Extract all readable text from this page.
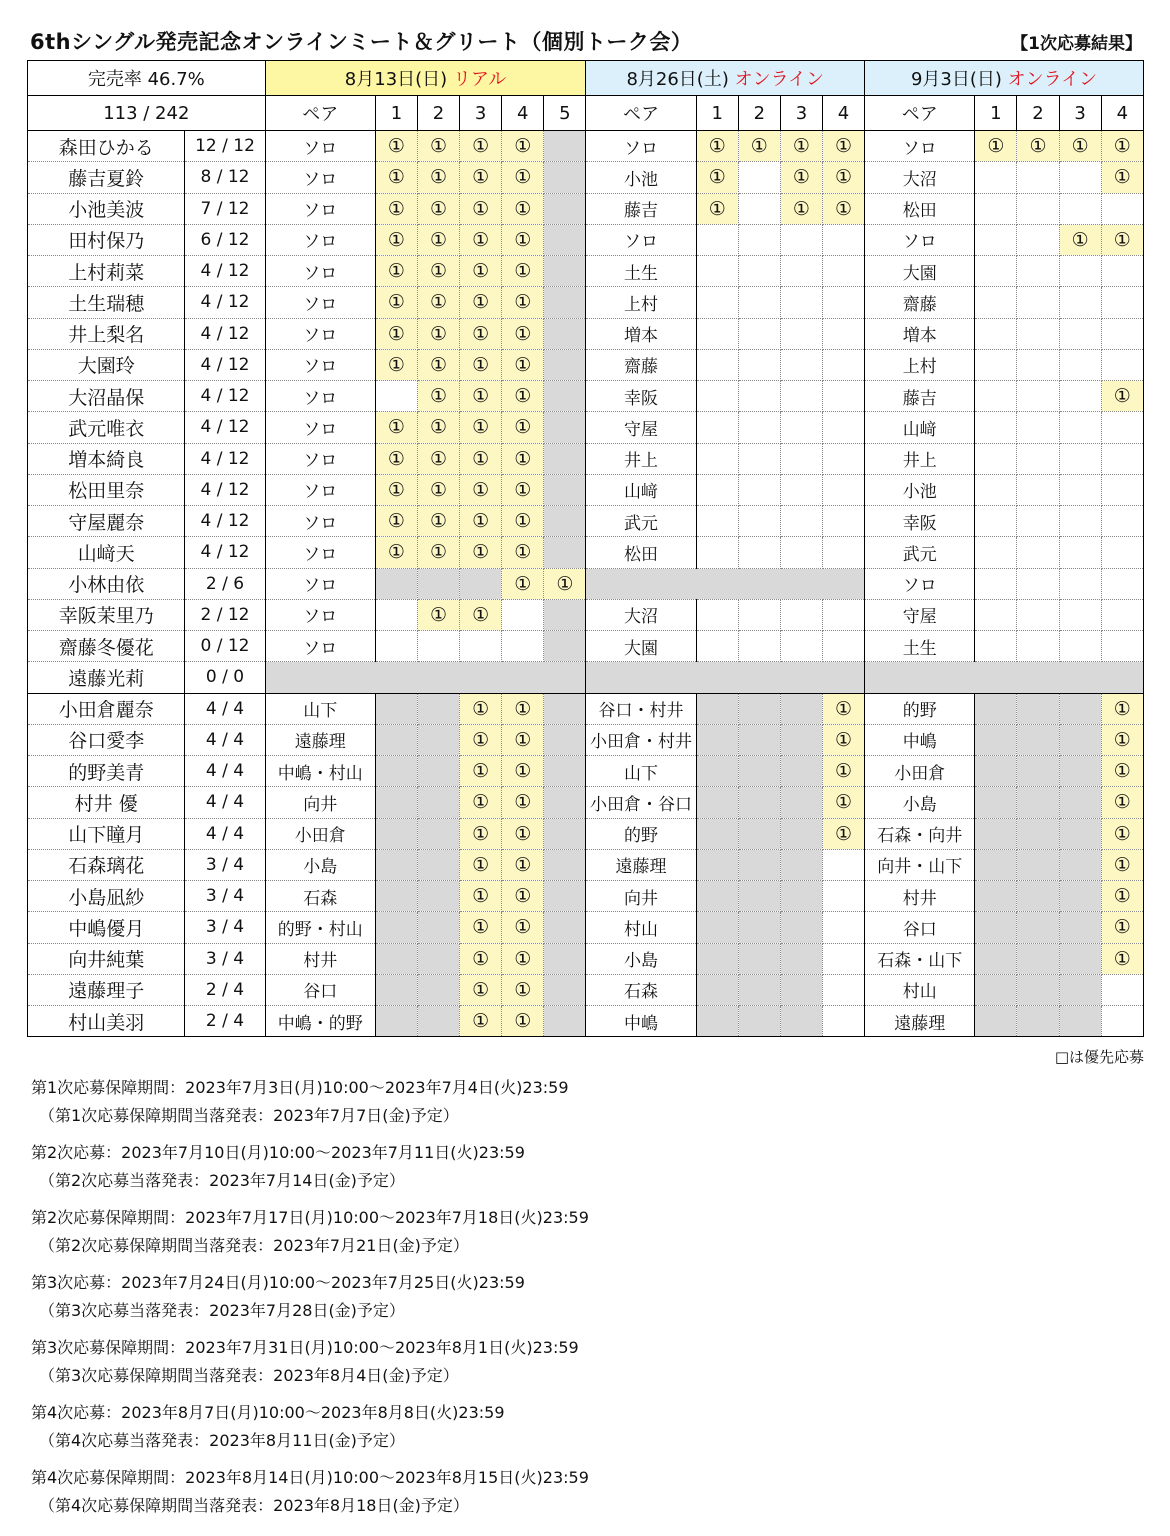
6thシングル発売記念オンラインミート＆グリート（個別トーク会）	【1次応募結果】
完売率 46.7%		8月13日(日) リアル						8月26日(土) オンライン					9月3日(日) オンライン				
113 / 242		ペア	1	2	3	4	5	ペア	1	2	3	4	ペア	1	2	3	4
森田ひかる	12 / 12	ソロ	①	①	①	①		ソロ	①	①	①	①	ソロ	①	①	①	①
藤吉夏鈴	8 / 12	ソロ	①	①	①	①		小池	①		①	①	大沼				①
小池美波	7 / 12	ソロ	①	①	①	①		藤吉	①		①	①	松田				
田村保乃	6 / 12	ソロ	①	①	①	①		ソロ					ソロ			①	①
上村莉菜	4 / 12	ソロ	①	①	①	①		土生					大園				
土生瑞穂	4 / 12	ソロ	①	①	①	①		上村					齋藤				
井上梨名	4 / 12	ソロ	①	①	①	①		増本					増本				
大園玲	4 / 12	ソロ	①	①	①	①		齋藤					上村				
大沼晶保	4 / 12	ソロ		①	①	①		幸阪					藤吉				①
武元唯衣	4 / 12	ソロ	①	①	①	①		守屋					山﨑				
増本綺良	4 / 12	ソロ	①	①	①	①		井上					井上				
松田里奈	4 / 12	ソロ	①	①	①	①		山﨑					小池				
守屋麗奈	4 / 12	ソロ	①	①	①	①		武元					幸阪				
山﨑天	4 / 12	ソロ	①	①	①	①		松田					武元				
小林由依	2 / 6	ソロ				①	①						ソロ				
幸阪茉里乃	2 / 12	ソロ		①	①			大沼					守屋				
齋藤冬優花	0 / 12	ソロ						大園					土生				
遠藤光莉	0 / 0																
小田倉麗奈	4 / 4	山下			①	①		谷口・村井				①	的野				①
谷口愛李	4 / 4	遠藤理			①	①		小田倉・村井				①	中嶋				①
的野美青	4 / 4	中嶋・村山			①	①		山下				①	小田倉				①
村井 優	4 / 4	向井			①	①		小田倉・谷口				①	小島				①
山下瞳月	4 / 4	小田倉			①	①		的野				①	石森・向井				①
石森璃花	3 / 4	小島			①	①		遠藤理					向井・山下				①
小島凪紗	3 / 4	石森			①	①		向井					村井				①
中嶋優月	3 / 4	的野・村山			①	①		村山					谷口				①
向井純葉	3 / 4	村井			①	①		小島					石森・山下				①
遠藤理子	2 / 4	谷口			①	①		石森					村山				
村山美羽	2 / 4	中嶋・的野			①	①		中嶋					遠藤理				
□は優先応募
第1次応募保障期間：2023年7月3日(月)10:00～2023年7月4日(火)23:59
（第1次応募保障期間当落発表：2023年7月7日(金)予定）
第2次応募：2023年7月10日(月)10:00～2023年7月11日(火)23:59
（第2次応募当落発表：2023年7月14日(金)予定）
第2次応募保障期間：2023年7月17日(月)10:00～2023年7月18日(火)23:59
（第2次応募保障期間当落発表：2023年7月21日(金)予定）
第3次応募：2023年7月24日(月)10:00～2023年7月25日(火)23:59
（第3次応募当落発表：2023年7月28日(金)予定）
第3次応募保障期間：2023年7月31日(月)10:00～2023年8月1日(火)23:59
（第3次応募保障期間当落発表：2023年8月4日(金)予定）
第4次応募：2023年8月7日(月)10:00～2023年8月8日(火)23:59
（第4次応募当落発表：2023年8月11日(金)予定）
第4次応募保障期間：2023年8月14日(月)10:00～2023年8月15日(火)23:59
（第4次応募保障期間当落発表：2023年8月18日(金)予定）
